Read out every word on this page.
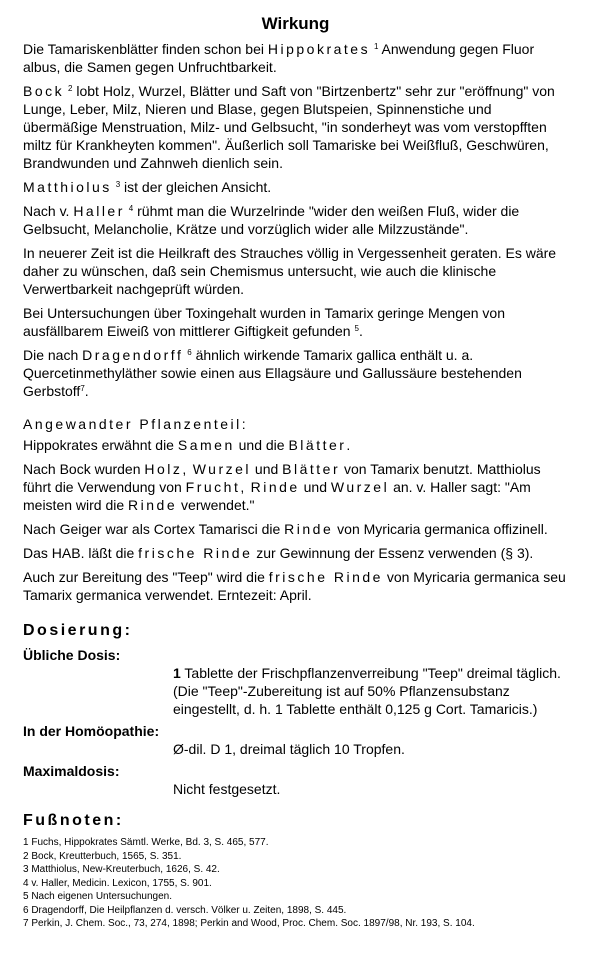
Wirkung

Die Tamariskenblätter finden schon bei Hippokrates $^1$ Anwendung gegen Fluor albus, die Samen gegen Unfruchtbarkeit.

Bock $^2$ lobt Holz, Wurzel, Blätter und Saft von "Birtzenbertz" sehr zur "eröffnung" von Lunge, Leber, Milz, Nieren und Blase, gegen Blutspeien, Spinnenstiche und übermäßige Menstruation, Milz- und Gelbsucht, "in sonderheyt was vom verstopfften miltz für Krankheyten kommen". Äußerlich soll Tamariske bei Weißfluß, Geschwüren, Brandwunden und Zahnweh dienlich sein.

Matthiolus $^3$ ist der gleichen Ansicht.

Nach v. Haller $^4$ rühmt man die Wurzelrinde "wider den weißen Fluß, wider die Gelbsucht, Melancholie, Krätze und vorzüglich wider alle Milzzustände".

In neuerer Zeit ist die Heilkraft des Strauches völlig in Vergessenheit geraten. Es wäre daher zu wünschen, daß sein Chemismus untersucht, wie auch die klinische Verwertbarkeit nachgeprüft würden.

Bei Untersuchungen über Toxingehalt wurden in Tamarix geringe Mengen von ausfällbarem Eiweiß von mittlerer Giftigkeit gefunden $^5$.

Die nach Dragendorff $^6$ ähnlich wirkende Tamarix gallica enthält u. a. Quercetinmethyläther sowie einen aus Ellagsäure und Gallussäure bestehenden Gerbstoff$^7$.

Angewandter Pflanzenteil:

Hippokrates erwähnt die Samen und die Blätter.

Nach Bock wurden Holz, Wurzel und Blätter von Tamarix benutzt. Matthiolus führt die Verwendung von Frucht, Rinde und Wurzel an. v. Haller sagt: "Am meisten wird die Rinde verwendet."

Nach Geiger war als Cortex Tamarisci die Rinde von Myricaria germanica offizinell.

Das HAB. läßt die frische Rinde zur Gewinnung der Essenz verwenden (§ 3).

Auch zur Bereitung des "Teep" wird die frische Rinde von Myricaria germanica seu Tamarix germanica verwendet. Erntezeit: April.

Dosierung:
Übliche Dosis:
1 Tablette der Frischpflanzenverreibung "Teep" dreimal täglich. (Die "Teep"-Zubereitung ist auf 50% Pflanzensubstanz eingestellt, d. h. 1 Tablette enthält 0,125 g Cort. Tamaricis.)
In der Homöopathie:
Ø-dil. D 1, dreimal täglich 10 Tropfen.
Maximaldosis:
Nicht festgesetzt.
Fußnoten:
1 Fuchs, Hippokrates Sämtl. Werke, Bd. 3, S. 465, 577.
2 Bock, Kreutterbuch, 1565, S. 351.
3 Matthiolus, New-Kreuterbuch, 1626, S. 42.
4 v. Haller, Medicin. Lexicon, 1755, S. 901.
5 Nach eigenen Untersuchungen.
6 Dragendorff, Die Heilpflanzen d. versch. Völker u. Zeiten, 1898, S. 445.
7 Perkin, J. Chem. Soc., 73, 274, 1898; Perkin and Wood, Proc. Chem. Soc. 1897/98, Nr. 193, S. 104.
